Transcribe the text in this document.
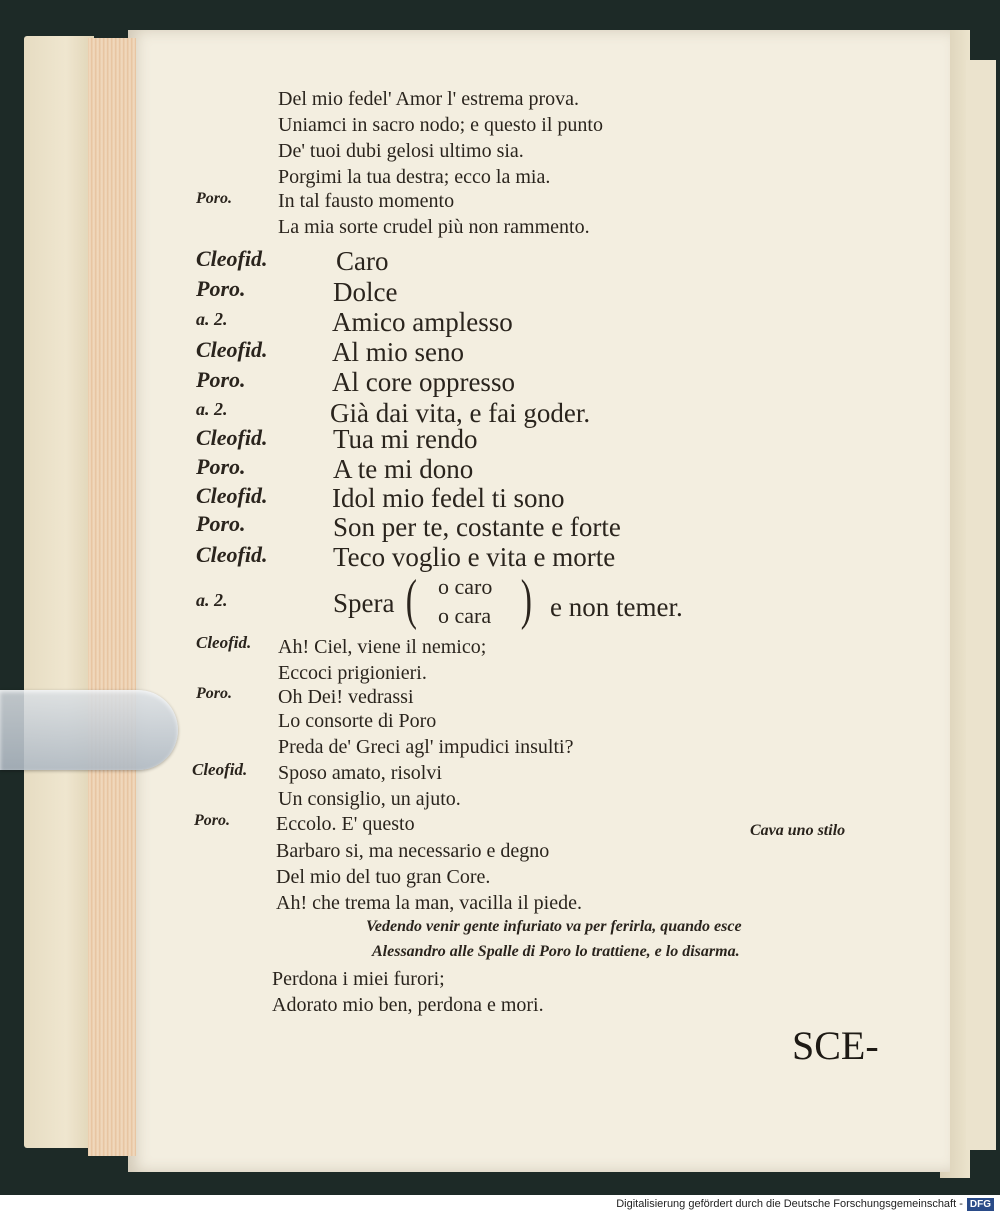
Del mio fedel' Amor l' estrema prova.
Uniamci in sacro nodo; e questo il punto
De' tuoi dubi gelosi ultimo sia.
Porgimi la tua destra; ecco la mia.
Poro. In tal fausto momento
La mia sorte crudel più non rammento.
Cleofid.	Caro
Poro.	Dolce
a. 2.	Amico amplesso
Cleofid. Al mio seno
Poro.	Al core oppresso
a. 2.	Già dai vita, e fai goder.
Cleofid. Tua mi rendo
Poro.	A te mi dono
Cleofid. Idol mio fedel ti sono
Poro.	Son per te, costante e forte
Cleofid. Teco voglio e vita e morte
a. 2.	Spera ( o caro
o cara ) e non temer.
Cleofid. Ah! Ciel, viene il nemico;
Eccoci prigionieri.
Poro. Oh Dei! vedrassi
Lo consorte di Poro
Preda de' Greci agl' impudici insulti?
Cleofid. Sposo amato, risolvi
Un consiglio, un ajuto.
Poro. Eccolo. E' questo	Cava uno stilo
Barbaro si, ma necessario e degno
Del mio del tuo gran Core.
Ah! che trema la man, vacilla il piede.
Vedendo venir gente infuriato va per ferirla, quando esce
Alessandro alle Spalle di Poro lo trattiene, e lo disarma.
Perdona i miei furori;
Adorato mio ben, perdona e mori.
SCE-
Digitalisierung gefördert durch die Deutsche Forschungsgemeinschaft - DFG
